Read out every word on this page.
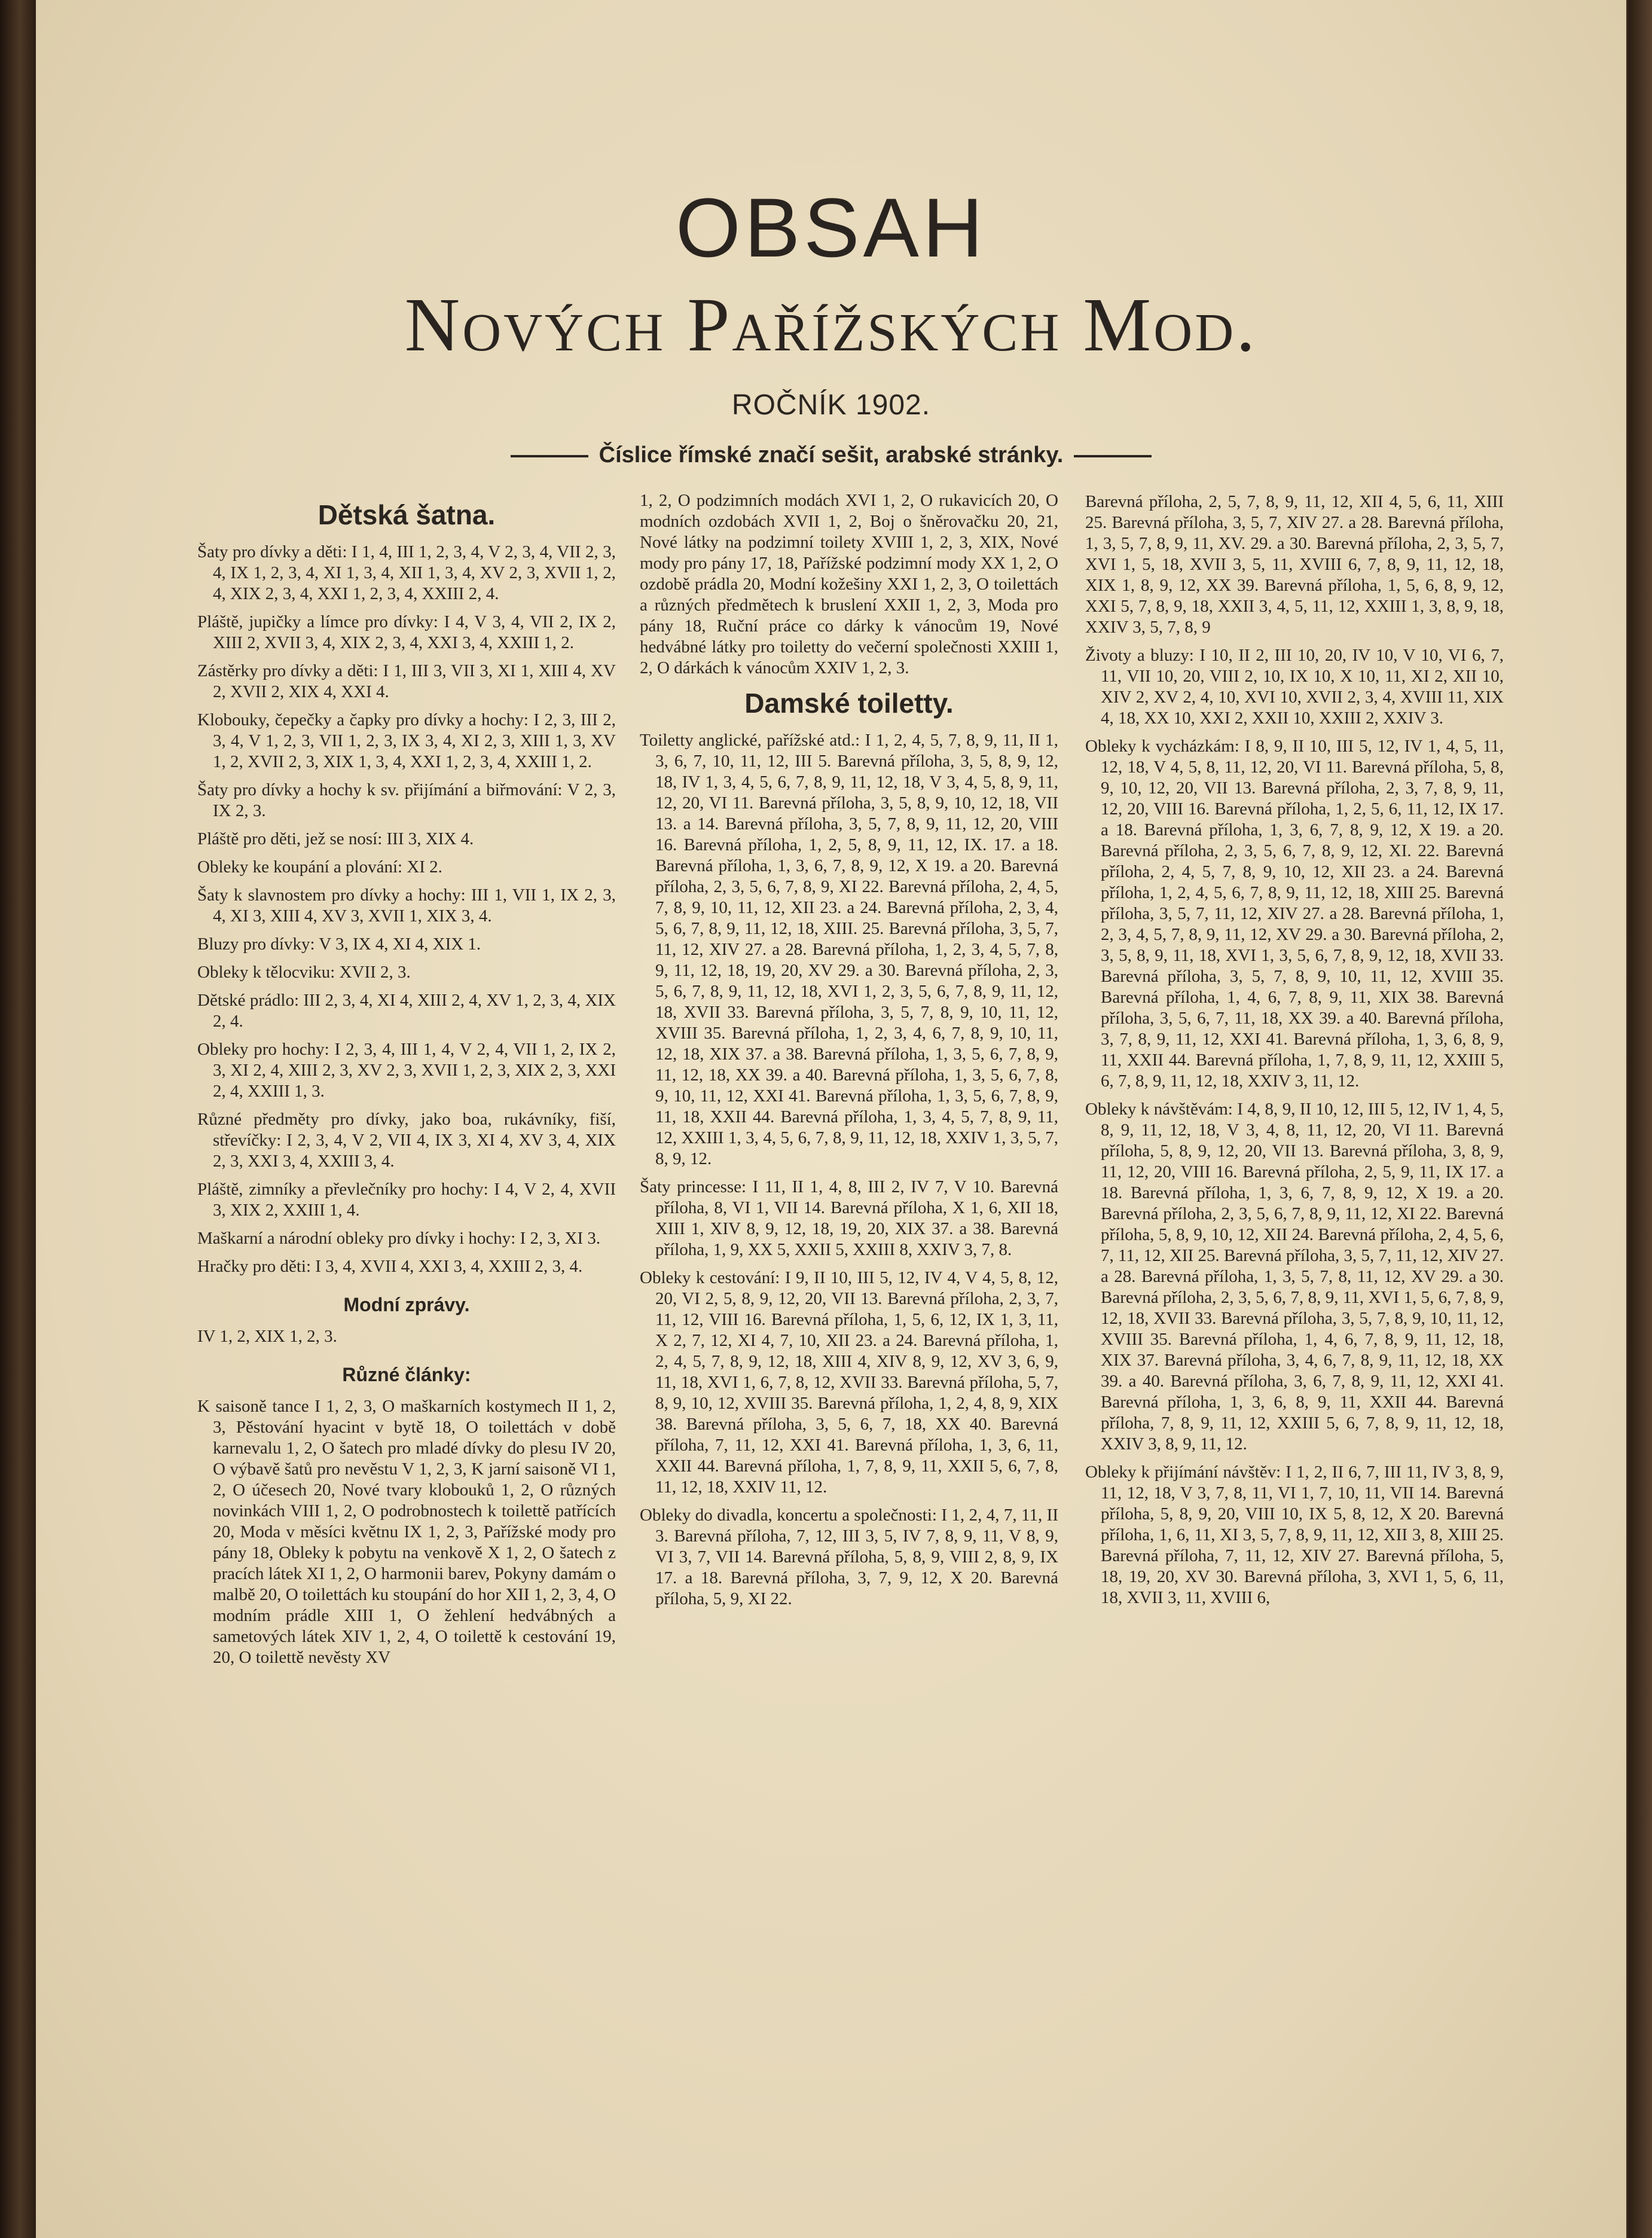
OBSAH
Nových Pařížských Mod.
ROČNÍK 1902.
Číslice římské značí sešit, arabské stránky.
Dětská šatna.

Šaty pro dívky a děti: I 1, 4, III 1, 2, 3, 4, V 2, 3, 4, VII 2, 3, 4, IX 1, 2, 3, 4, XI 1, 3, 4, XII 1, 3, 4, XV 2, 3, XVII 1, 2, 4, XIX 2, 3, 4, XXI 1, 2, 3, 4, XXIII 2, 4.

Pláště, jupičky a límce pro dívky: I 4, V 3, 4, VII 2, IX 2, XIII 2, XVII 3, 4, XIX 2, 3, 4, XXI 3, 4, XXIII 1, 2.

Zástěrky pro dívky a děti: I 1, III 3, VII 3, XI 1, XIII 4, XV 2, XVII 2, XIX 4, XXI 4.

Klobouky, čepečky a čapky pro dívky a hochy: I 2, 3, III 2, 3, 4, V 1, 2, 3, VII 1, 2, 3, IX 3, 4, XI 2, 3, XIII 1, 3, XV 1, 2, XVII 2, 3, XIX 1, 3, 4, XXI 1, 2, 3, 4, XXIII 1, 2.

Šaty pro dívky a hochy k sv. přijímání a biřmování: V 2, 3, IX 2, 3.

Pláště pro děti, jež se nosí: III 3, XIX 4.

Obleky ke koupání a plování: XI 2.

Šaty k slavnostem pro dívky a hochy: III 1, VII 1, IX 2, 3, 4, XI 3, XIII 4, XV 3, XVII 1, XIX 3, 4.

Bluzy pro dívky: V 3, IX 4, XI 4, XIX 1.

Obleky k tělocviku: XVII 2, 3.

Dětské prádlo: III 2, 3, 4, XI 4, XIII 2, 4, XV 1, 2, 3, 4, XIX 2, 4.

Obleky pro hochy: I 2, 3, 4, III 1, 4, V 2, 4, VII 1, 2, IX 2, 3, XI 2, 4, XIII 2, 3, XV 2, 3, XVII 1, 2, 3, XIX 2, 3, XXI 2, 4, XXIII 1, 3.

Různé předměty pro dívky, jako boa, rukávníky, fiší, střevíčky: I 2, 3, 4, V 2, VII 4, IX 3, XI 4, XV 3, 4, XIX 2, 3, XXI 3, 4, XXIII 3, 4.

Pláště, zimníky a převlečníky pro hochy: I 4, V 2, 4, XVII 3, XIX 2, XXIII 1, 4.

Maškarní a národní obleky pro dívky i hochy: I 2, 3, XI 3.

Hračky pro děti: I 3, 4, XVII 4, XXI 3, 4, XXIII 2, 3, 4.

Modní zprávy.

IV 1, 2, XIX 1, 2, 3.

Různé články:

K saisoně tance I 1, 2, 3, O maškarních kostymech II 1, 2, 3, Pěstování hyacint v bytě 18, O toilettách v době karnevalu 1, 2, O šatech pro mladé dívky do plesu IV 20, O výbavě šatů pro nevěstu V 1, 2, 3, K jarní saisoně VI 1, 2, O účesech 20, Nové tvary klobouků 1, 2, O různých novinkách VIII 1, 2, O podrobnostech k toilettě patřících 20, Moda v měsíci květnu IX 1, 2, 3, Pařížské mody pro pány 18, Obleky k pobytu na venkově X 1, 2, O šatech z pracích látek XI 1, 2, O harmonii barev, Pokyny damám o malbě 20, O toilettách ku stoupání do hor XII 1, 2, 3, 4, O modním prádle XIII 1, O žehlení hedvábných a sametových látek XIV 1, 2, 4, O toilettě k cestování 19, 20, O toilettě nevěsty XV

1, 2, O podzimních modách XVI 1, 2, O rukavicích 20, O modních ozdobách XVII 1, 2, Boj o šněrovačku 20, 21, Nové látky na podzimní toilety XVIII 1, 2, 3, XIX, Nové mody pro pány 17, 18, Pařížské podzimní mody XX 1, 2, O ozdobě prádla 20, Modní kožešiny XXI 1, 2, 3, O toilettách a různých předmětech k bruslení XXII 1, 2, 3, Moda pro pány 18, Ruční práce co dárky k vánocům 19, Nové hedvábné látky pro toiletty do večerní společnosti XXIII 1, 2, O dárkách k vánocům XXIV 1, 2, 3.

Damské toiletty.

Toiletty anglické, pařížské atd.: I 1, 2, 4, 5, 7, 8, 9, 11, II 1, 3, 6, 7, 10, 11, 12, III 5. Barevná příloha, 3, 5, 8, 9, 12, 18, IV 1, 3, 4, 5, 6, 7, 8, 9, 11, 12, 18, V 3, 4, 5, 8, 9, 11, 12, 20, VI 11. Barevná příloha, 3, 5, 8, 9, 10, 12, 18, VII 13. a 14. Barevná příloha, 3, 5, 7, 8, 9, 11, 12, 20, VIII 16. Barevná příloha, 1, 2, 5, 8, 9, 11, 12, IX. 17. a 18. Barevná příloha, 1, 3, 6, 7, 8, 9, 12, X 19. a 20. Barevná příloha, 2, 3, 5, 6, 7, 8, 9, XI 22. Barevná příloha, 2, 4, 5, 7, 8, 9, 10, 11, 12, XII 23. a 24. Barevná příloha, 2, 3, 4, 5, 6, 7, 8, 9, 11, 12, 18, XIII. 25. Barevná příloha, 3, 5, 7, 11, 12, XIV 27. a 28. Barevná příloha, 1, 2, 3, 4, 5, 7, 8, 9, 11, 12, 18, 19, 20, XV 29. a 30. Barevná příloha, 2, 3, 5, 6, 7, 8, 9, 11, 12, 18, XVI 1, 2, 3, 5, 6, 7, 8, 9, 11, 12, 18, XVII 33. Barevná příloha, 3, 5, 7, 8, 9, 10, 11, 12, XVIII 35. Barevná příloha, 1, 2, 3, 4, 6, 7, 8, 9, 10, 11, 12, 18, XIX 37. a 38. Barevná příloha, 1, 3, 5, 6, 7, 8, 9, 11, 12, 18, XX 39. a 40. Barevná příloha, 1, 3, 5, 6, 7, 8, 9, 10, 11, 12, XXI 41. Barevná příloha, 1, 3, 5, 6, 7, 8, 9, 11, 18, XXII 44. Barevná příloha, 1, 3, 4, 5, 7, 8, 9, 11, 12, XXIII 1, 3, 4, 5, 6, 7, 8, 9, 11, 12, 18, XXIV 1, 3, 5, 7, 8, 9, 12.

Šaty princesse: I 11, II 1, 4, 8, III 2, IV 7, V 10. Barevná příloha, 8, VI 1, VII 14. Barevná příloha, X 1, 6, XII 18, XIII 1, XIV 8, 9, 12, 18, 19, 20, XIX 37. a 38. Barevná příloha, 1, 9, XX 5, XXII 5, XXIII 8, XXIV 3, 7, 8.

Obleky k cestování: I 9, II 10, III 5, 12, IV 4, V 4, 5, 8, 12, 20, VI 2, 5, 8, 9, 12, 20, VII 13. Barevná příloha, 2, 3, 7, 11, 12, VIII 16. Barevná příloha, 1, 5, 6, 12, IX 1, 3, 11, X 2, 7, 12, XI 4, 7, 10, XII 23. a 24. Barevná příloha, 1, 2, 4, 5, 7, 8, 9, 12, 18, XIII 4, XIV 8, 9, 12, XV 3, 6, 9, 11, 18, XVI 1, 6, 7, 8, 12, XVII 33. Barevná příloha, 5, 7, 8, 9, 10, 12, XVIII 35. Barevná příloha, 1, 2, 4, 8, 9, XIX 38. Barevná příloha, 3, 5, 6, 7, 18, XX 40. Barevná příloha, 7, 11, 12, XXI 41. Barevná příloha, 1, 3, 6, 11, XXII 44. Barevná příloha, 1, 7, 8, 9, 11, XXII 5, 6, 7, 8, 11, 12, 18, XXIV 11, 12.

Obleky do divadla, koncertu a společnosti: I 1, 2, 4, 7, 11, II 3. Barevná příloha, 7, 12, III 3, 5, IV 7, 8, 9, 11, V 8, 9, VI 3, 7, VII 14. Barevná příloha, 5, 8, 9, VIII 2, 8, 9, IX 17. a 18. Barevná příloha, 3, 7, 9, 12, X 20. Barevná příloha, 5, 9, XI 22.

Barevná příloha, 2, 5, 7, 8, 9, 11, 12, XII 4, 5, 6, 11, XIII 25. Barevná příloha, 3, 5, 7, XIV 27. a 28. Barevná příloha, 1, 3, 5, 7, 8, 9, 11, XV. 29. a 30. Barevná příloha, 2, 3, 5, 7, XVI 1, 5, 18, XVII 3, 5, 11, XVIII 6, 7, 8, 9, 11, 12, 18, XIX 1, 8, 9, 12, XX 39. Barevná příloha, 1, 5, 6, 8, 9, 12, XXI 5, 7, 8, 9, 18, XXII 3, 4, 5, 11, 12, XXIII 1, 3, 8, 9, 18, XXIV 3, 5, 7, 8, 9

Životy a bluzy: I 10, II 2, III 10, 20, IV 10, V 10, VI 6, 7, 11, VII 10, 20, VIII 2, 10, IX 10, X 10, 11, XI 2, XII 10, XIV 2, XV 2, 4, 10, XVI 10, XVII 2, 3, 4, XVIII 11, XIX 4, 18, XX 10, XXI 2, XXII 10, XXIII 2, XXIV 3.

Obleky k vycházkám: I 8, 9, II 10, III 5, 12, IV 1, 4, 5, 11, 12, 18, V 4, 5, 8, 11, 12, 20, VI 11. Barevná příloha, 5, 8, 9, 10, 12, 20, VII 13. Barevná příloha, 2, 3, 7, 8, 9, 11, 12, 20, VIII 16. Barevná příloha, 1, 2, 5, 6, 11, 12, IX 17. a 18. Barevná příloha, 1, 3, 6, 7, 8, 9, 12, X 19. a 20. Barevná příloha, 2, 3, 5, 6, 7, 8, 9, 12, XI. 22. Barevná příloha, 2, 4, 5, 7, 8, 9, 10, 12, XII 23. a 24. Barevná příloha, 1, 2, 4, 5, 6, 7, 8, 9, 11, 12, 18, XIII 25. Barevná příloha, 3, 5, 7, 11, 12, XIV 27. a 28. Barevná příloha, 1, 2, 3, 4, 5, 7, 8, 9, 11, 12, XV 29. a 30. Barevná příloha, 2, 3, 5, 8, 9, 11, 18, XVI 1, 3, 5, 6, 7, 8, 9, 12, 18, XVII 33. Barevná příloha, 3, 5, 7, 8, 9, 10, 11, 12, XVIII 35. Barevná příloha, 1, 4, 6, 7, 8, 9, 11, XIX 38. Barevná příloha, 3, 5, 6, 7, 11, 18, XX 39. a 40. Barevná příloha, 3, 7, 8, 9, 11, 12, XXI 41. Barevná příloha, 1, 3, 6, 8, 9, 11, XXII 44. Barevná příloha, 1, 7, 8, 9, 11, 12, XXIII 5, 6, 7, 8, 9, 11, 12, 18, XXIV 3, 11, 12.

Obleky k návštěvám: I 4, 8, 9, II 10, 12, III 5, 12, IV 1, 4, 5, 8, 9, 11, 12, 18, V 3, 4, 8, 11, 12, 20, VI 11. Barevná příloha, 5, 8, 9, 12, 20, VII 13. Barevná příloha, 3, 8, 9, 11, 12, 20, VIII 16. Barevná příloha, 2, 5, 9, 11, IX 17. a 18. Barevná příloha, 1, 3, 6, 7, 8, 9, 12, X 19. a 20. Barevná příloha, 2, 3, 5, 6, 7, 8, 9, 11, 12, XI 22. Barevná příloha, 5, 8, 9, 10, 12, XII 24. Barevná příloha, 2, 4, 5, 6, 7, 11, 12, XII 25. Barevná příloha, 3, 5, 7, 11, 12, XIV 27. a 28. Barevná příloha, 1, 3, 5, 7, 8, 11, 12, XV 29. a 30. Barevná příloha, 2, 3, 5, 6, 7, 8, 9, 11, XVI 1, 5, 6, 7, 8, 9, 12, 18, XVII 33. Barevná příloha, 3, 5, 7, 8, 9, 10, 11, 12, XVIII 35. Barevná příloha, 1, 4, 6, 7, 8, 9, 11, 12, 18, XIX 37. Barevná příloha, 3, 4, 6, 7, 8, 9, 11, 12, 18, XX 39. a 40. Barevná příloha, 3, 6, 7, 8, 9, 11, 12, XXI 41. Barevná příloha, 1, 3, 6, 8, 9, 11, XXII 44. Barevná příloha, 7, 8, 9, 11, 12, XXIII 5, 6, 7, 8, 9, 11, 12, 18, XXIV 3, 8, 9, 11, 12.

Obleky k přijímání návštěv: I 1, 2, II 6, 7, III 11, IV 3, 8, 9, 11, 12, 18, V 3, 7, 8, 11, VI 1, 7, 10, 11, VII 14. Barevná příloha, 5, 8, 9, 20, VIII 10, IX 5, 8, 12, X 20. Barevná příloha, 1, 6, 11, XI 3, 5, 7, 8, 9, 11, 12, XII 3, 8, XIII 25. Barevná příloha, 7, 11, 12, XIV 27. Barevná příloha, 5, 18, 19, 20, XV 30. Barevná příloha, 3, XVI 1, 5, 6, 11, 18, XVII 3, 11, XVIII 6,
